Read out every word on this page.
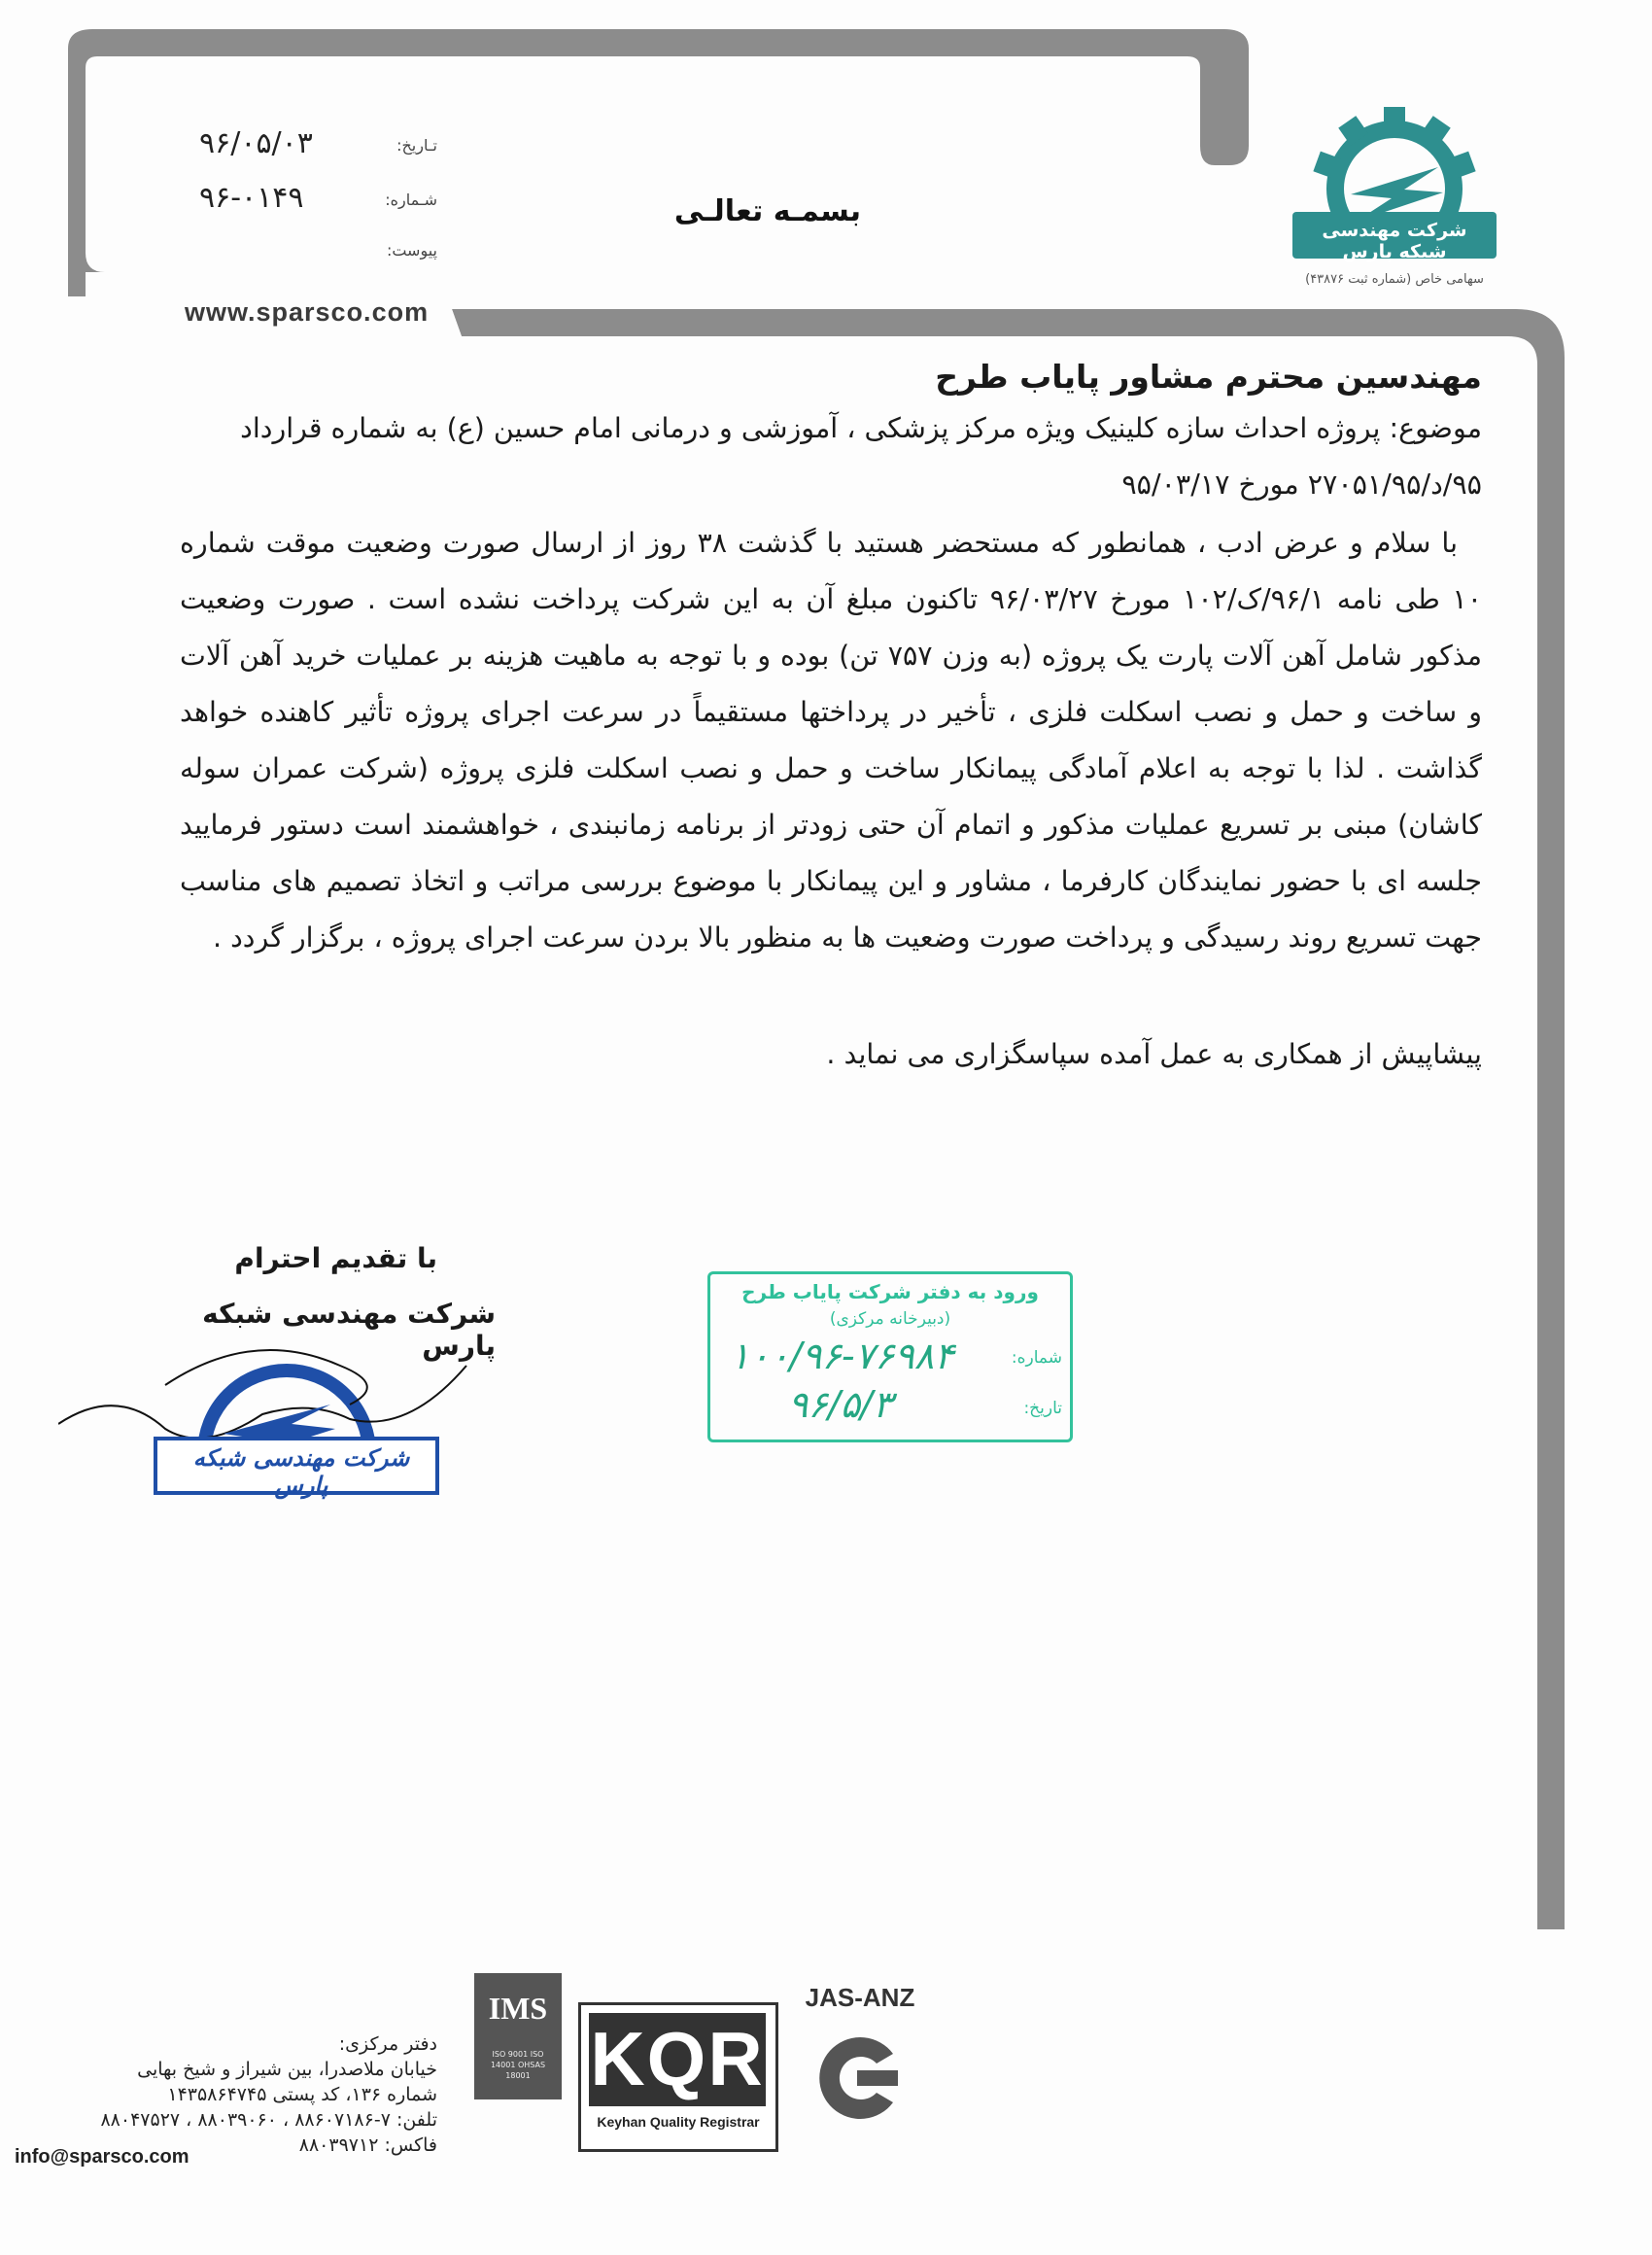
تـاریخ:
۹۶/۰۵/۰۳
شـماره:
۹۶-۰۱۴۹
پیوست:
بسمـه تعالـی
www.sparsco.com
شرکت مهندسی شبکه پارس
سهامی خاص (شماره ثبت ۴۳۸۷۶)
مهندسین محترم مشاور پایاب طرح
موضوع: پروژه احداث سازه کلینیک ویژه مرکز پزشکی ، آموزشی و درمانی امام حسین (ع) به شماره قرارداد
۹۵/د/۲۷۰۵۱/۹۵ مورخ ۹۵/۰۳/۱۷
با سلام و عرض ادب ، همانطور که مستحضر هستید با گذشت ۳۸ روز از ارسال صورت وضعیت موقت شماره ۱۰ طی نامه ۹۶/۱/ک/۱۰۲ مورخ ۹۶/۰۳/۲۷ تاکنون مبلغ آن به این شرکت پرداخت نشده است . صورت وضعیت مذکور شامل آهن آلات پارت یک پروژه (به وزن ۷۵۷ تن) بوده و با توجه به ماهیت هزینه بر عملیات خرید آهن آلات و ساخت و حمل و نصب اسکلت فلزی ، تأخیر در پرداختها مستقیماً در سرعت اجرای پروژه تأثیر کاهنده خواهد گذاشت . لذا با توجه به اعلام آمادگی پیمانکار ساخت و حمل و نصب اسکلت فلزی پروژه (شرکت عمران سوله کاشان) مبنی بر تسریع عملیات مذکور و اتمام آن حتی زودتر از برنامه زمانبندی ، خواهشمند است دستور فرمایید جلسه ای با حضور نمایندگان کارفرما ، مشاور و این پیمانکار با موضوع بررسی مراتب و اتخاذ تصمیم های مناسب جهت تسریع روند رسیدگی و پرداخت صورت وضعیت ها به منظور بالا بردن سرعت اجرای پروژه ، برگزار گردد .
پیشاپیش از همکاری به عمل آمده سپاسگزاری می نماید .
با تقدیم احترام
شرکت مهندسی شبکه پارس
شرکت مهندسی شبکه پارس
ورود به دفتر شرکت پایاب طرح
(دبیرخانه مرکزی)
شماره:
۱۰۰/۹۶-۷۶۹۸۴
تاریخ:
۹۶/۵/۳
IMS
ISO 9001 ISO 14001 OHSAS 18001 KQR
Keyhan Quality Registrar
JAS-ANZ
دفتر مرکزی:
خیابان ملاصدرا، بین شیراز و شیخ بهایی
شماره ۱۳۶، کد پستی ۱۴۳۵۸۶۴۷۴۵
تلفن: ۷-۸۸۶۰۷۱۸۶ ، ۸۸۰۳۹۰۶۰ ، ۸۸۰۴۷۵۲۷
فاکس: ۸۸۰۳۹۷۱۲
info@sparsco.com
